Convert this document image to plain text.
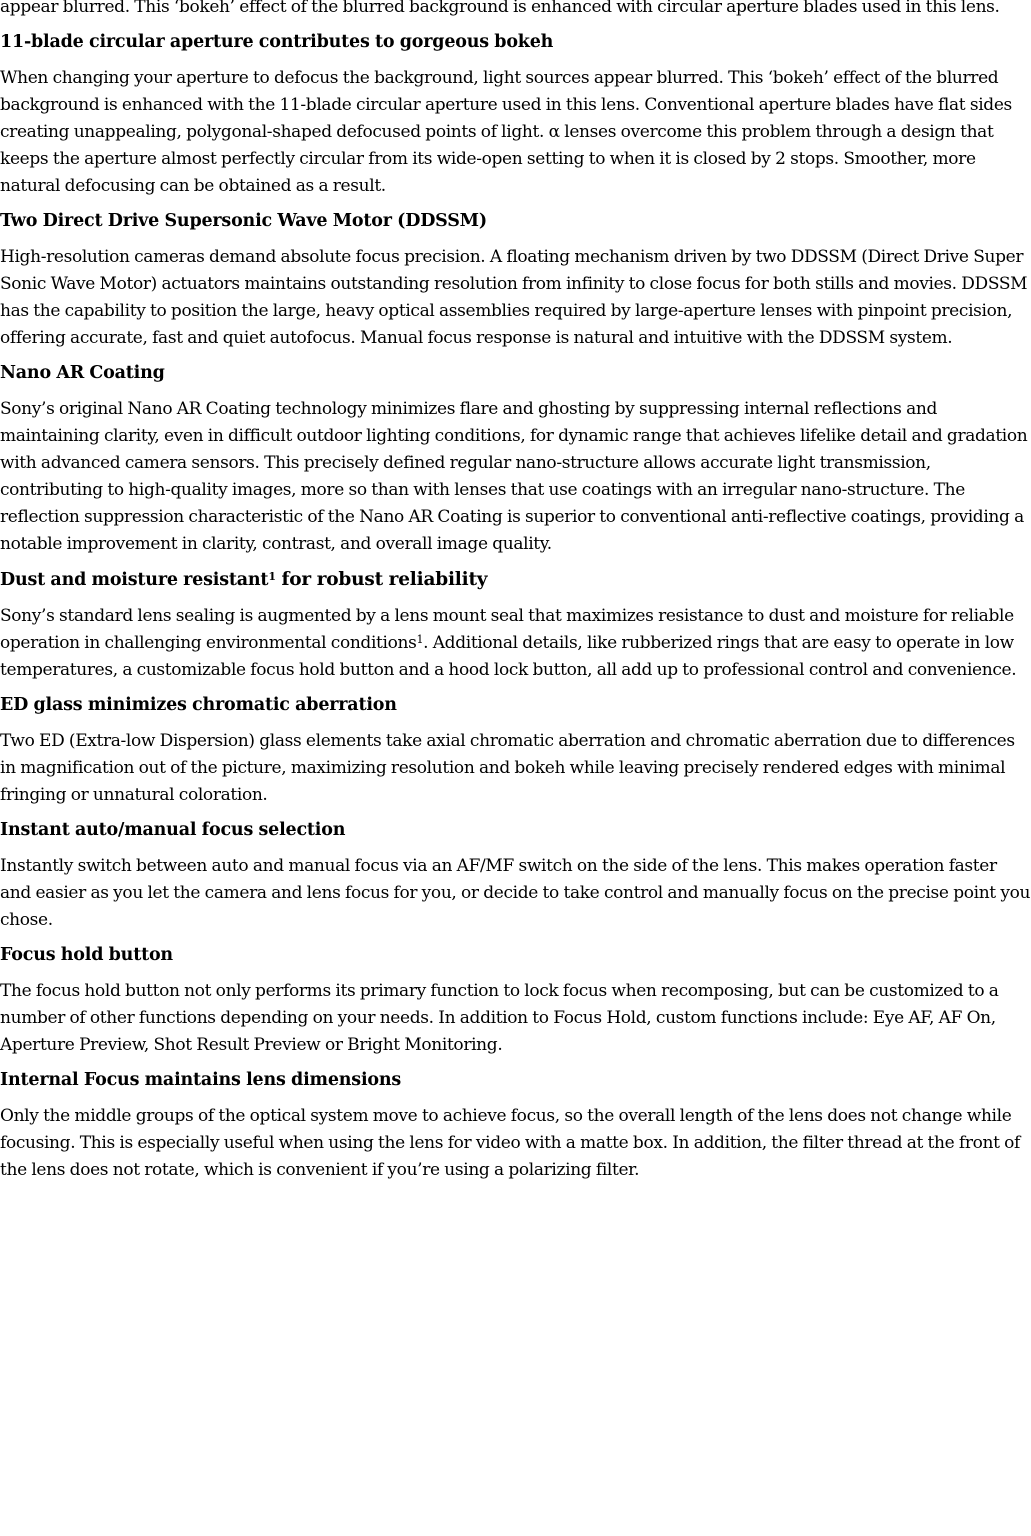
appear blurred. This ‘bokeh’ effect of the blurred background is enhanced with circular aperture blades used in this lens.

11-blade circular aperture contributes to gorgeous bokeh

When changing your aperture to defocus the background, light sources appear blurred. This ‘bokeh’ effect of the blurred background is enhanced with the 11-blade circular aperture used in this lens. Conventional aperture blades have flat sides creating unappealing, polygonal-shaped defocused points of light. α lenses overcome this problem through a design that keeps the aperture almost perfectly circular from its wide-open setting to when it is closed by 2 stops. Smoother, more natural defocusing can be obtained as a result.

Two Direct Drive Supersonic Wave Motor (DDSSM)

High-resolution cameras demand absolute focus precision. A floating mechanism driven by two DDSSM (Direct Drive Super Sonic Wave Motor) actuators maintains outstanding resolution from infinity to close focus for both stills and movies. DDSSM has the capability to position the large, heavy optical assemblies required by large-aperture lenses with pinpoint precision, offering accurate, fast and quiet autofocus. Manual focus response is natural and intuitive with the DDSSM system.

Nano AR Coating

Sony’s original Nano AR Coating technology minimizes flare and ghosting by suppressing internal reflections and maintaining clarity, even in difficult outdoor lighting conditions, for dynamic range that achieves lifelike detail and gradation with advanced camera sensors. This precisely defined regular nano-structure allows accurate light transmission, contributing to high-quality images, more so than with lenses that use coatings with an irregular nano-structure. The reflection suppression characteristic of the Nano AR Coating is superior to conventional anti-reflective coatings, providing a notable improvement in clarity, contrast, and overall image quality.

Dust and moisture resistant$^1$ for robust reliability

Sony’s standard lens sealing is augmented by a lens mount seal that maximizes resistance to dust and moisture for reliable operation in challenging environmental conditions$^1$. Additional details, like rubberized rings that are easy to operate in low temperatures, a customizable focus hold button and a hood lock button, all add up to professional control and convenience.

ED glass minimizes chromatic aberration

Two ED (Extra-low Dispersion) glass elements take axial chromatic aberration and chromatic aberration due to differences in magnification out of the picture, maximizing resolution and bokeh while leaving precisely rendered edges with minimal fringing or unnatural coloration.

Instant auto/manual focus selection

Instantly switch between auto and manual focus via an AF/MF switch on the side of the lens. This makes operation faster and easier as you let the camera and lens focus for you, or decide to take control and manually focus on the precise point you chose.

Focus hold button

The focus hold button not only performs its primary function to lock focus when recomposing, but can be customized to a number of other functions depending on your needs. In addition to Focus Hold, custom functions include: Eye AF, AF On, Aperture Preview, Shot Result Preview or Bright Monitoring.

Internal Focus maintains lens dimensions

Only the middle groups of the optical system move to achieve focus, so the overall length of the lens does not change while focusing. This is especially useful when using the lens for video with a matte box. In addition, the filter thread at the front of the lens does not rotate, which is convenient if you’re using a polarizing filter.
